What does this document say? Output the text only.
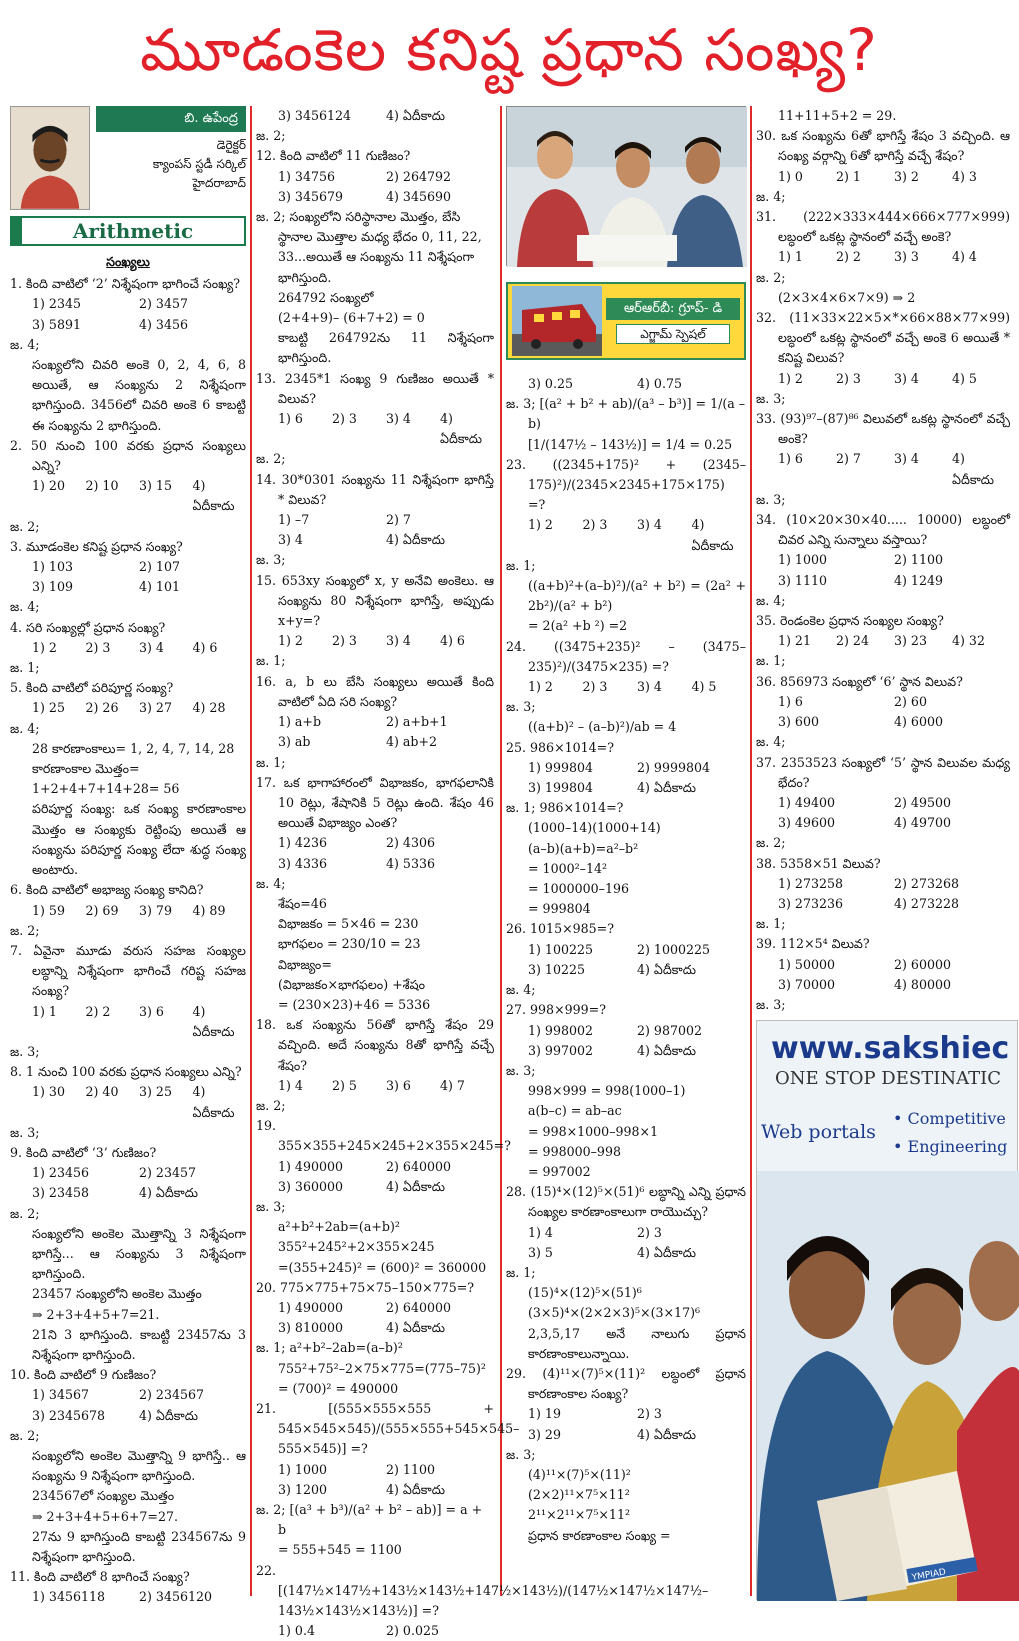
మూడంకెల కనిష్ట ప్రధాన సంఖ్య?
బి. ఉపేంద్ర
డెరైక్టర్
క్యాంపస్ స్టడీ సర్కిల్
హైదరాబాద్
Arithmetic
సంఖ్యలు
1. కింది వాటిలో ‘2’ నిశ్శేషంగా భాగించే సంఖ్య?
1) 2345	2) 3457
3) 5891	4) 3456
జ. 4;
సంఖ్యలోని చివరి అంకె 0, 2, 4, 6, 8 అయితే, ఆ సంఖ్యను 2 నిశ్శేషంగా భాగిస్తుంది. 3456లో చివరి అంకె 6 కాబట్టి ఈ సంఖ్యను 2 భాగిస్తుంది.
2. 50 నుంచి 100 వరకు ప్రధాన సంఖ్యలు ఎన్ని?
1) 20	2) 10	3) 15	4) ఏదీకాదు
జ. 2;
3. మూడంకెల కనిష్ట ప్రధాన సంఖ్య?
1) 103	2) 107
3) 109	4) 101
జ. 4;
4. సరి సంఖ్యల్లో ప్రధాన సంఖ్య?
1) 2	2) 3	3) 4	4) 6
జ. 1;
5. కింది వాటిలో పరిపూర్ణ సంఖ్య?
1) 25	2) 26	3) 27	4) 28
జ. 4;
28 కారణాంకాలు= 1, 2, 4, 7, 14, 28
కారణాంకాల మొత్తం=
1+2+4+7+14+28= 56
పరిపూర్ణ సంఖ్య: ఒక సంఖ్య కారణాంకాల మొత్తం ఆ సంఖ్యకు రెట్టింపు అయితే ఆ సంఖ్యను పరిపూర్ణ సంఖ్య లేదా శుద్ధ సంఖ్య అంటారు.
6. కింది వాటిలో అభాజ్య సంఖ్య కానిది?
1) 59	2) 69	3) 79	4) 89
జ. 2;
7. ఏవైనా మూడు వరుస సహజ సంఖ్యల లబ్ధాన్ని నిశ్శేషంగా భాగించే గరిష్ట సహజ సంఖ్య?
1) 1	2) 2	3) 6	4) ఏదీకాదు
జ. 3;
8. 1 నుంచి 100 వరకు ప్రధాన సంఖ్యలు ఎన్ని?
1) 30	2) 40	3) 25	4) ఏదీకాదు
జ. 3;
9. కింది వాటిలో ‘3’ గుణిజం?
1) 23456	2) 23457
3) 23458	4) ఏదీకాదు
జ. 2;
సంఖ్యలోని అంకెల మొత్తాన్ని 3 నిశ్శేషంగా భాగిస్తే... ఆ సంఖ్యను 3 నిశ్శేషంగా భాగిస్తుంది.
23457 సంఖ్యలోని అంకెల మొత్తం
⇒ 2+3+4+5+7=21.
21ని 3 భాగిస్తుంది. కాబట్టి 23457ను 3 నిశ్శేషంగా భాగిస్తుంది.
10. కింది వాటిలో 9 గుణిజం?
1) 34567	2) 234567
3) 2345678	4) ఏదీకాదు
జ. 2;
సంఖ్యలోని అంకెల మొత్తాన్ని 9 భాగిస్తే.. ఆ సంఖ్యను 9 నిశ్శేషంగా భాగిస్తుంది.
234567లో సంఖ్యల మొత్తం
⇒ 2+3+4+5+6+7=27.
27ను 9 భాగిస్తుంది కాబట్టి 234567ను 9 నిశ్శేషంగా భాగిస్తుంది.
11. కింది వాటిలో 8 భాగించే సంఖ్య?
1) 3456118	2) 3456120
3) 3456124	4) ఏదీకాదు
జ. 2;
12. కింది వాటిలో 11 గుణిజం?
1) 34756	2) 264792
3) 345679	4) 345690
జ. 2; సంఖ్యలోని సరిస్థానాల మొత్తం, బేసి స్థానాల మొత్తాల మధ్య భేదం 0, 11, 22, 33...అయితే ఆ సంఖ్యను 11 నిశ్శేషంగా భాగిస్తుంది.
264792 సంఖ్యలో
(2+4+9)– (6+7+2) = 0
కాబట్టి 264792ను 11 నిశ్శేషంగా భాగిస్తుంది.
13. 2345*1 సంఖ్య 9 గుణిజం అయితే * విలువ?
1) 6	2) 3	3) 4	4) ఏదీకాదు
జ. 2;
14. 30*0301 సంఖ్యను 11 నిశ్శేషంగా భాగిస్తే * విలువ?
1) –7	2) 7
3) 4	4) ఏదీకాదు
జ. 3;
15. 653xy సంఖ్యలో x, y అనేవి అంకెలు. ఆ సంఖ్యను 80 నిశ్శేషంగా భాగిస్తే, అప్పుడు x+y=?
1) 2	2) 3	3) 4	4) 6
జ. 1;
16. a, b లు బేసి సంఖ్యలు అయితే కింది వాటిలో ఏది సరి సంఖ్య?
1) a+b	2) a+b+1
3) ab	4) ab+2
జ. 1;
17. ఒక భాగాహారంలో విభాజకం, భాగఫలానికి 10 రెట్లు, శేషానికి 5 రెట్లు ఉంది. శేషం 46 అయితే విభాజ్యం ఎంత?
1) 4236	2) 4306
3) 4336	4) 5336
జ. 4;
శేషం=46
విభాజకం = 5×46 = 230
భాగఫలం = 230/10 = 23
విభాజ్యం=
(విభాజకం×భాగఫలం) +శేషం
= (230×23)+46 = 5336
18. ఒక సంఖ్యను 56తో భాగిస్తే శేషం 29 వచ్చింది. అదే సంఖ్యను 8తో భాగిస్తే వచ్చే శేషం?
1) 4	2) 5	3) 6	4) 7
జ. 2;
19. 355×355+245×245+2×355×245=?
1) 490000	2) 640000
3) 360000	4) ఏదీకాదు
జ. 3;
a²+b²+2ab=(a+b)²
355²+245²+2×355×245
=(355+245)² = (600)² = 360000
20. 775×775+75×75–150×775=?
1) 490000	2) 640000
3) 810000	4) ఏదీకాదు
జ. 1; a²+b²–2ab=(a–b)²
755²+75²–2×75×775=(775–75)²
= (700)² = 490000
21. [(555×555×555 + 545×545×545)/(555×555+545×545–555×545)] =?
1) 1000	2) 1100
3) 1200	4) ఏదీకాదు
జ. 2; [(a³ + b³)/(a² + b² – ab)] = a + b
= 555+545 = 1100
22. [(147½×147½+143½×143½+147½×143½)/(147½×147½×147½–143½×143½×143½)] =?
1) 0.4	2) 0.025
ఆర్‌ఆర్‌బీ: గ్రూప్- డి
ఎగ్జామ్ స్పెషల్
3) 0.25	4) 0.75
జ. 3; [(a² + b² + ab)/(a³ – b³)] = 1/(a – b)
[1/(147½ – 143½)] = 1/4 = 0.25
23. ((2345+175)² + (2345–175)²)/(2345×2345+175×175) =?
1) 2	2) 3	3) 4	4) ఏదీకాదు
జ. 1;
((a+b)²+(a–b)²)/(a² + b²) = (2a² + 2b²)/(a² + b²)
= 2(a² +b ²) =2
24. ((3475+235)² – (3475–235)²)/(3475×235) =?
1) 2	2) 3	3) 4	4) 5
జ. 3;
((a+b)² – (a–b)²)/ab = 4
25. 986×1014=?
1) 999804	2) 9999804
3) 199804	4) ఏదీకాదు
జ. 1; 986×1014=?
(1000–14)(1000+14)
(a–b)(a+b)=a²–b²
= 1000²–14²
= 1000000–196
= 999804
26. 1015×985=?
1) 100225	2) 1000225
3) 10225	4) ఏదీకాదు
జ. 4;
27. 998×999=?
1) 998002	2) 987002
3) 997002	4) ఏదీకాదు
జ. 3;
998×999 = 998(1000–1)
a(b–c) = ab–ac
= 998×1000–998×1
= 998000–998
= 997002
28. (15)⁴×(12)⁵×(51)⁶ లబ్ధాన్ని ఎన్ని ప్రధాన సంఖ్యల కారణాంకాలుగా రాయొచ్చు?
1) 4	2) 3
3) 5	4) ఏదీకాదు
జ. 1;
(15)⁴×(12)⁵×(51)⁶
(3×5)⁴×(2×2×3)⁵×(3×17)⁶
2,3,5,17 అనే నాలుగు ప్రధాన కారణాంకాలున్నాయి.
29. (4)¹¹×(7)⁵×(11)² లబ్ధంలో ప్రధాన కారణాంకాల సంఖ్య?
1) 19	2) 3
3) 29	4) ఏదీకాదు
జ. 3;
(4)¹¹×(7)⁵×(11)²
(2×2)¹¹×7⁵×11²
2¹¹×2¹¹×7⁵×11²
ప్రధాన కారణాంకాల సంఖ్య =
11+11+5+2 = 29.
30. ఒక సంఖ్యను 6తో భాగిస్తే శేషం 3 వచ్చింది. ఆ సంఖ్య వర్గాన్ని 6తో భాగిస్తే వచ్చే శేషం?
1) 0	2) 1	3) 2	4) 3
జ. 4;
31. (222×333×444×666×777×999) లబ్ధంలో ఒకట్ల స్థానంలో వచ్చే అంకె?
1) 1	2) 2	3) 3	4) 4
జ. 2;
(2×3×4×6×7×9) ⇒ 2
32. (11×33×22×5×*×66×88×77×99) లబ్ధంలో ఒకట్ల స్థానంలో వచ్చే అంకె 6 అయితే * కనిష్ట విలువ?
1) 2	2) 3	3) 4	4) 5
జ. 3;
33. (93)⁹⁷–(87)⁸⁶ విలువలో ఒకట్ల స్థానంలో వచ్చే అంకె?
1) 6	2) 7	3) 4	4) ఏదీకాదు
జ. 3;
34. (10×20×30×40..... 10000) లబ్ధంలో చివర ఎన్ని సున్నాలు వస్తాయి?
1) 1000	2) 1100
3) 1110	4) 1249
జ. 4;
35. రెండంకెల ప్రధాన సంఖ్యల సంఖ్య?
1) 21	2) 24	3) 23	4) 32
జ. 1;
36. 856973 సంఖ్యలో ‘6’ స్థాన విలువ?
1) 6	2) 60
3) 600	4) 6000
జ. 4;
37. 2353523 సంఖ్యలో ‘5’ స్థాన విలువల మధ్య భేదం?
1) 49400	2) 49500
3) 49600	4) 49700
జ. 2;
38. 5358×51 విలువ?
1) 273258	2) 273268
3) 273236	4) 273228
జ. 1;
39. 112×5⁴ విలువ?
1) 50000	2) 60000
3) 70000	4) 80000
జ. 3;
www.sakshiec
ONE STOP DESTINATIC
Web portals
• Competitive
• Engineering
YMPIAD
